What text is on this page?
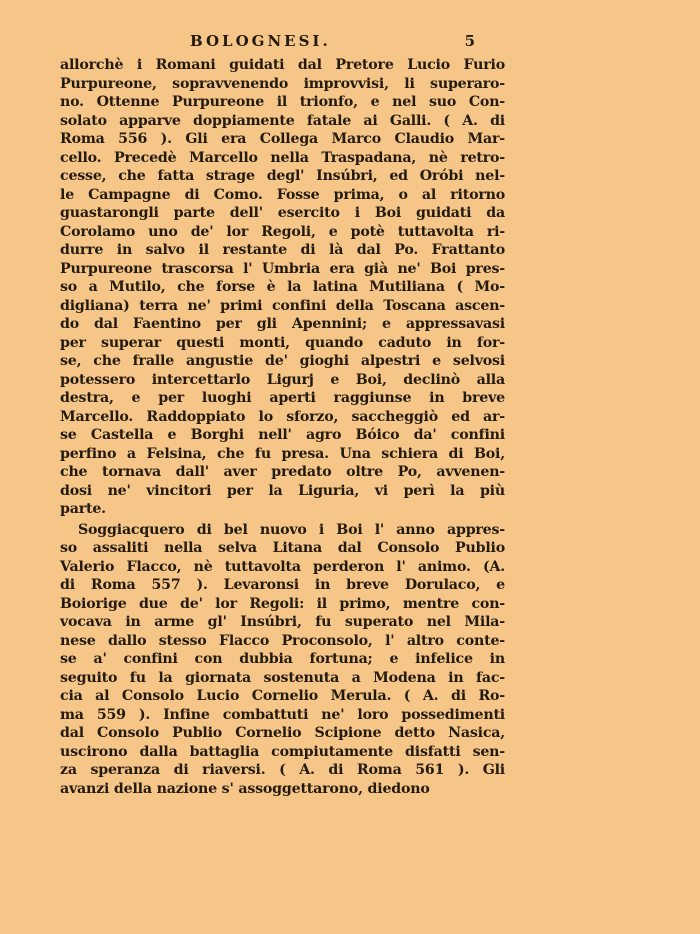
BOLOGNESI.	5
allorchè i Romani guidati dal Pretore Lucio Furio
Purpureone, sopravvenendo improvvisi, li superaro-
no. Ottenne Purpureone il trionfo, e nel suo Con-
solato apparve doppiamente fatale ai Galli. ( A. di
Roma 556 ). Gli era Collega Marco Claudio Mar-
cello. Precedè Marcello nella Traspadana, nè retro-
cesse, che fatta strage degl' Insúbri, ed Oróbi nel-
le Campagne di Como. Fosse prima, o al ritorno
guastarongli parte dell' esercito i Boi guidati da
Corolamo uno de' lor Regoli, e potè tuttavolta ri-
durre in salvo il restante di là dal Po. Frattanto
Purpureone trascorsa l' Umbria era già ne' Boi pres-
so a Mutilo, che forse è la latina Mutiliana ( Mo-
digliana) terra ne' primi confini della Toscana ascen-
do dal Faentino per gli Apennini; e appressavasi
per superar questi monti, quando caduto in for-
se, che fralle angustie de' gioghi alpestri e selvosi
potessero intercettarlo Ligurj e Boi, declinò alla
destra, e per luoghi aperti raggiunse in breve
Marcello. Raddoppiato lo sforzo, saccheggiò ed ar-
se Castella e Borghi nell' agro Bóico da' confini
perfino a Felsina, che fu presa. Una schiera di Boi,
che tornava dall' aver predato oltre Po, avvenen-
dosi ne' vincitori per la Liguria, vi perì la più
parte.
Soggiacquero di bel nuovo i Boi l' anno appres-
so assaliti nella selva Litana dal Consolo Publio
Valerio Flacco, nè tuttavolta perderon l' animo. (A.
di Roma 557 ). Levaronsi in breve Dorulaco, e
Boiorige due de' lor Regoli: il primo, mentre con-
vocava in arme gl' Insúbri, fu superato nel Mila-
nese dallo stesso Flacco Proconsolo, l' altro conte-
se a' confini con dubbia fortuna; e infelice in
seguito fu la giornata sostenuta a Modena in fac-
cia al Consolo Lucio Cornelio Merula. ( A. di Ro-
ma 559 ). Infine combattuti ne' loro possedimenti
dal Consolo Publio Cornelio Scipione detto Nasica,
uscirono dalla battaglia compiutamente disfatti sen-
za speranza di riaversi. ( A. di Roma 561 ). Gli
avanzi della nazione s' assoggettarono, diedono
